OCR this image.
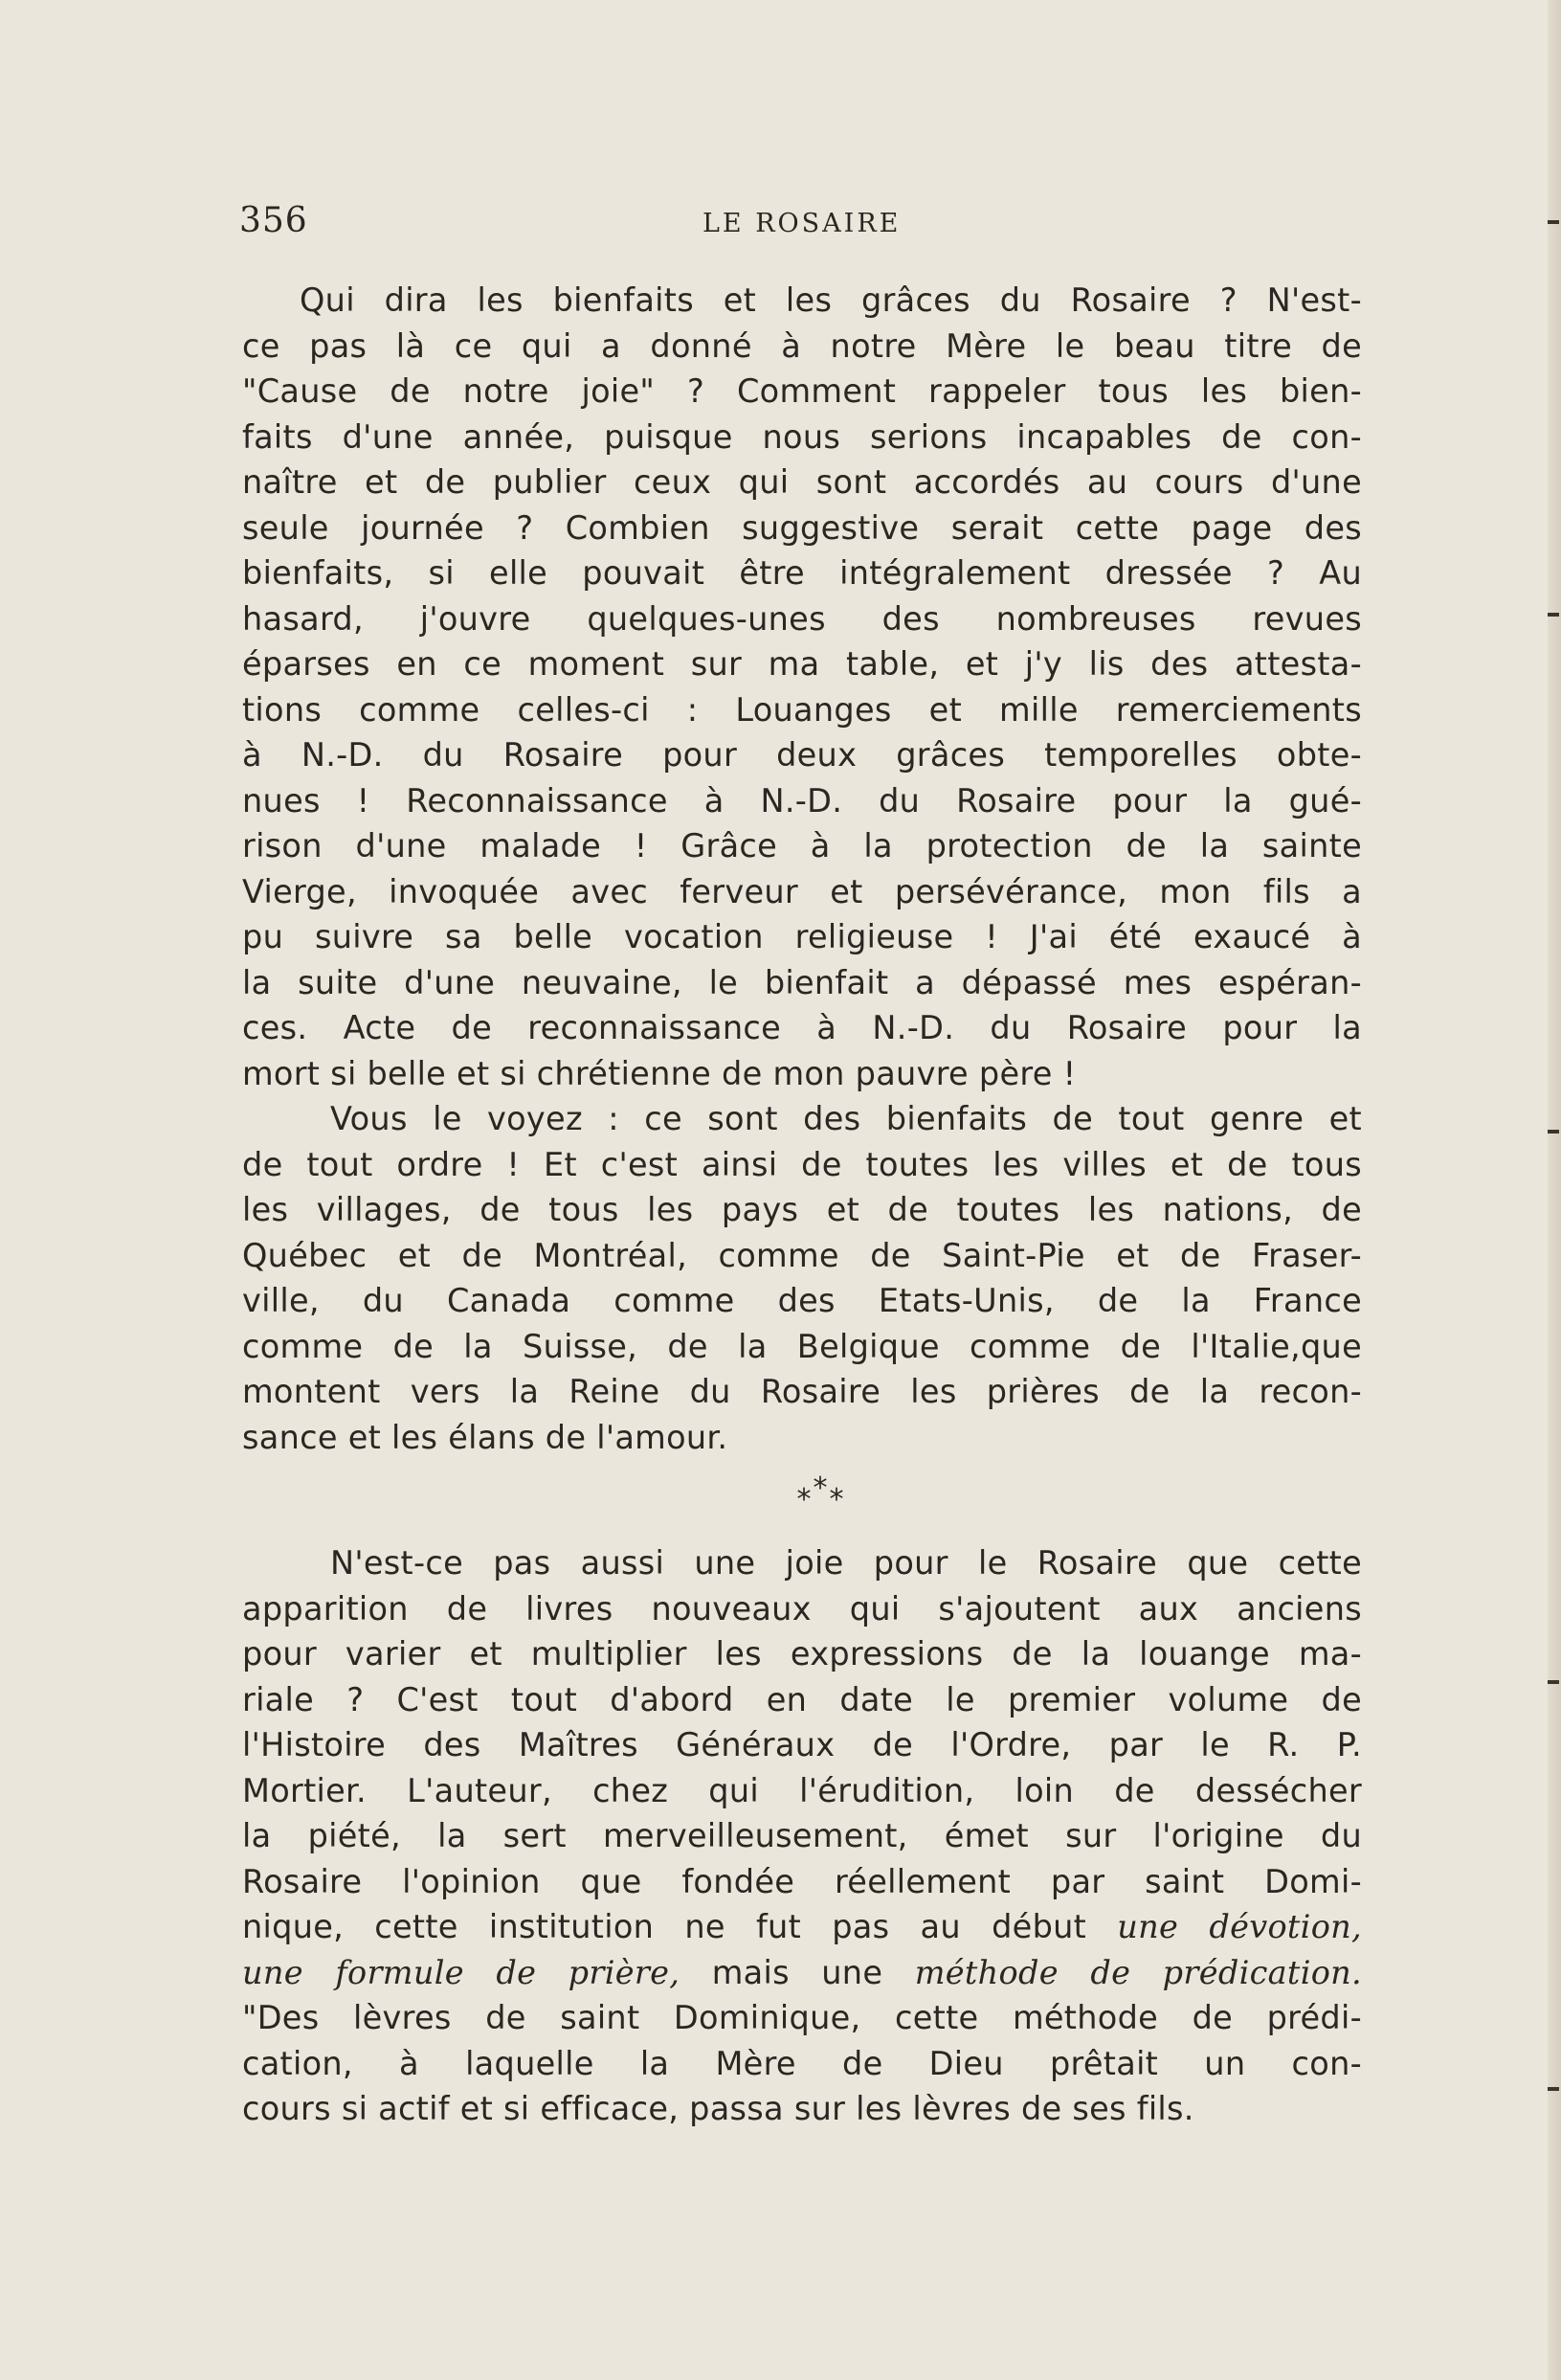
356	LE ROSAIRE
Qui dira les bienfaits et les grâces du Rosaire ? N'est-
ce pas là ce qui a donné à notre Mère le beau titre de
"Cause de notre joie" ? Comment rappeler tous les bien-
faits d'une année, puisque nous serions incapables de con-
naître et de publier ceux qui sont accordés au cours d'une
seule journée ? Combien suggestive serait cette page des
bienfaits, si elle pouvait être intégralement dressée ? Au
hasard, j'ouvre quelques-unes des nombreuses revues
éparses en ce moment sur ma table, et j'y lis des attesta-
tions comme celles-ci : Louanges et mille remerciements
à N.-D. du Rosaire pour deux grâces temporelles obte-
nues ! Reconnaissance à N.-D. du Rosaire pour la gué-
rison d'une malade ! Grâce à la protection de la sainte
Vierge, invoquée avec ferveur et persévérance, mon fils a
pu suivre sa belle vocation religieuse ! J'ai été exaucé à
la suite d'une neuvaine, le bienfait a dépassé mes espéran-
ces. Acte de reconnaissance à N.-D. du Rosaire pour la
mort si belle et si chrétienne de mon pauvre père !
Vous le voyez : ce sont des bienfaits de tout genre et
de tout ordre ! Et c'est ainsi de toutes les villes et de tous
les villages, de tous les pays et de toutes les nations, de
Québec et de Montréal, comme de Saint-Pie et de Fraser-
ville, du Canada comme des Etats-Unis, de la France
comme de la Suisse, de la Belgique comme de l'Italie,que
montent vers la Reine du Rosaire les prières de la recon-
sance et les élans de l'amour.
***
N'est-ce pas aussi une joie pour le Rosaire que cette
apparition de livres nouveaux qui s'ajoutent aux anciens
pour varier et multiplier les expressions de la louange ma-
riale ? C'est tout d'abord en date le premier volume de
l'Histoire des Maîtres Généraux de l'Ordre, par le R. P.
Mortier. L'auteur, chez qui l'érudition, loin de dessécher
la piété, la sert merveilleusement, émet sur l'origine du
Rosaire l'opinion que fondée réellement par saint Domi-
nique, cette institution ne fut pas au début une dévotion,
une formule de prière, mais une méthode de prédication.
"Des lèvres de saint Dominique, cette méthode de prédi-
cation, à laquelle la Mère de Dieu prêtait un con-
cours si actif et si efficace, passa sur les lèvres de ses fils.
